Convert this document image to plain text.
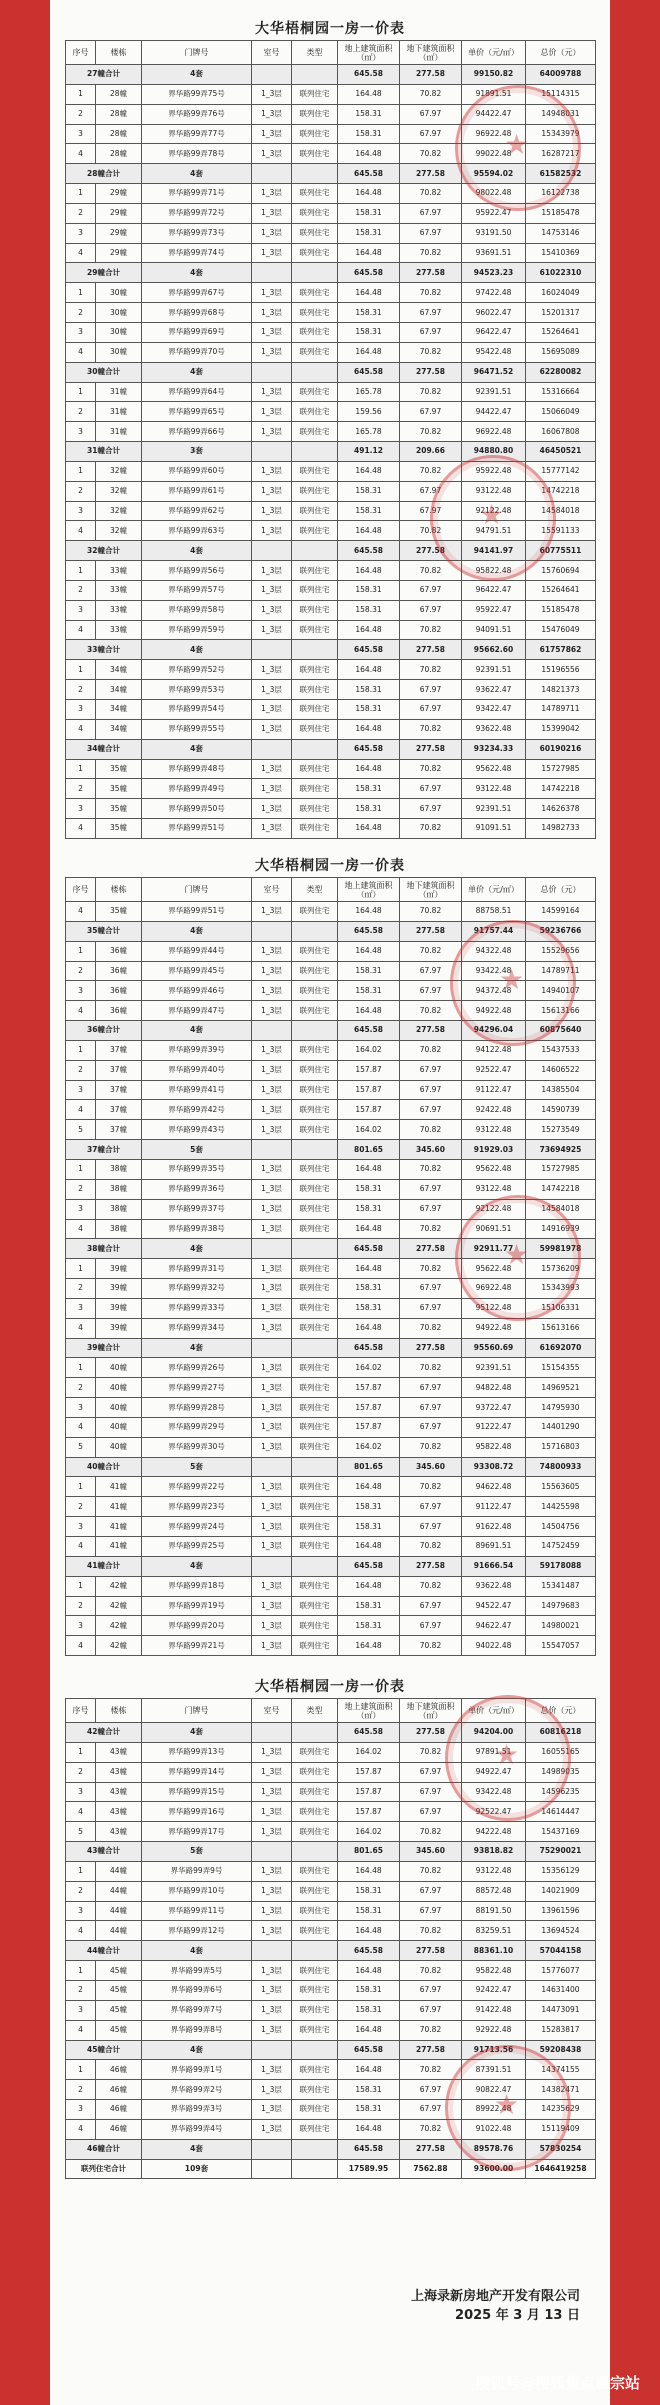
大华梧桐园一房一价表
序号	楼栋	门牌号	室号	类型	地上建筑面积（㎡）	地下建筑面积（㎡）	单价（元/㎡）	总价（元）
27幢合计		4套			645.58	277.58	99150.82	64009788
1	28幢	界华路99弄75号	1_3层	联列住宅	164.48	70.82	91891.51	15114315
2	28幢	界华路99弄76号	1_3层	联列住宅	158.31	67.97	94422.47	14948031
3	28幢	界华路99弄77号	1_3层	联列住宅	158.31	67.97	96922.48	15343979
4	28幢	界华路99弄78号	1_3层	联列住宅	164.48	70.82	99022.48	16287217
28幢合计		4套			645.58	277.58	95594.02	61582532
1	29幢	界华路99弄71号	1_3层	联列住宅	164.48	70.82	98022.48	16122738
2	29幢	界华路99弄72号	1_3层	联列住宅	158.31	67.97	95922.47	15185478
3	29幢	界华路99弄73号	1_3层	联列住宅	158.31	67.97	93191.50	14753146
4	29幢	界华路99弄74号	1_3层	联列住宅	164.48	70.82	93691.51	15410369
29幢合计		4套			645.58	277.58	94523.23	61022310
1	30幢	界华路99弄67号	1_3层	联列住宅	164.48	70.82	97422.48	16024049
2	30幢	界华路99弄68号	1_3层	联列住宅	158.31	67.97	96022.47	15201317
3	30幢	界华路99弄69号	1_3层	联列住宅	158.31	67.97	96422.47	15264641
4	30幢	界华路99弄70号	1_3层	联列住宅	164.48	70.82	95422.48	15695089
30幢合计		4套			645.58	277.58	96471.52	62280082
1	31幢	界华路99弄64号	1_3层	联列住宅	165.78	70.82	92391.51	15316664
2	31幢	界华路99弄65号	1_3层	联列住宅	159.56	67.97	94422.47	15066049
3	31幢	界华路99弄66号	1_3层	联列住宅	165.78	70.82	96922.48	16067808
31幢合计		3套			491.12	209.66	94880.80	46450521
1	32幢	界华路99弄60号	1_3层	联列住宅	164.48	70.82	95922.48	15777142
2	32幢	界华路99弄61号	1_3层	联列住宅	158.31	67.97	93122.48	14742218
3	32幢	界华路99弄62号	1_3层	联列住宅	158.31	67.97	92122.48	14584018
4	32幢	界华路99弄63号	1_3层	联列住宅	164.48	70.82	94791.51	15591133
32幢合计		4套			645.58	277.58	94141.97	60775511
1	33幢	界华路99弄56号	1_3层	联列住宅	164.48	70.82	95822.48	15760694
2	33幢	界华路99弄57号	1_3层	联列住宅	158.31	67.97	96422.47	15264641
3	33幢	界华路99弄58号	1_3层	联列住宅	158.31	67.97	95922.47	15185478
4	33幢	界华路99弄59号	1_3层	联列住宅	164.48	70.82	94091.51	15476049
33幢合计		4套			645.58	277.58	95662.60	61757862
1	34幢	界华路99弄52号	1_3层	联列住宅	164.48	70.82	92391.51	15196556
2	34幢	界华路99弄53号	1_3层	联列住宅	158.31	67.97	93622.47	14821373
3	34幢	界华路99弄54号	1_3层	联列住宅	158.31	67.97	93422.47	14789711
4	34幢	界华路99弄55号	1_3层	联列住宅	164.48	70.82	93622.48	15399042
34幢合计		4套			645.58	277.58	93234.33	60190216
1	35幢	界华路99弄48号	1_3层	联列住宅	164.48	70.82	95622.48	15727985
2	35幢	界华路99弄49号	1_3层	联列住宅	158.31	67.97	93122.48	14742218
3	35幢	界华路99弄50号	1_3层	联列住宅	158.31	67.97	92391.51	14626378
4	35幢	界华路99弄51号	1_3层	联列住宅	164.48	70.82	91091.51	14982733
大华梧桐园一房一价表
序号	楼栋	门牌号	室号	类型	地上建筑面积（㎡）	地下建筑面积（㎡）	单价（元/㎡）	总价（元）
4	35幢	界华路99弄51号	1_3层	联列住宅	164.48	70.82	88758.51	14599164
35幢合计		4套			645.58	277.58	91757.44	59236766
1	36幢	界华路99弄44号	1_3层	联列住宅	164.48	70.82	94322.48	15529656
2	36幢	界华路99弄45号	1_3层	联列住宅	158.31	67.97	93422.48	14789711
3	36幢	界华路99弄46号	1_3层	联列住宅	158.31	67.97	94372.48	14940107
4	36幢	界华路99弄47号	1_3层	联列住宅	164.48	70.82	94922.48	15613166
36幢合计		4套			645.58	277.58	94296.04	60875640
1	37幢	界华路99弄39号	1_3层	联列住宅	164.02	70.82	94122.48	15437533
2	37幢	界华路99弄40号	1_3层	联列住宅	157.87	67.97	92522.47	14606522
3	37幢	界华路99弄41号	1_3层	联列住宅	157.87	67.97	91122.47	14385504
4	37幢	界华路99弄42号	1_3层	联列住宅	157.87	67.97	92422.48	14590739
5	37幢	界华路99弄43号	1_3层	联列住宅	164.02	70.82	93122.48	15273549
37幢合计		5套			801.65	345.60	91929.03	73694925
1	38幢	界华路99弄35号	1_3层	联列住宅	164.48	70.82	95622.48	15727985
2	38幢	界华路99弄36号	1_3层	联列住宅	158.31	67.97	93122.48	14742218
3	38幢	界华路99弄37号	1_3层	联列住宅	158.31	67.97	92122.48	14584018
4	38幢	界华路99弄38号	1_3层	联列住宅	164.48	70.82	90691.51	14916939
38幢合计		4套			645.58	277.58	92911.77	59981978
1	39幢	界华路99弄31号	1_3层	联列住宅	164.48	70.82	95622.48	15736209
2	39幢	界华路99弄32号	1_3层	联列住宅	158.31	67.97	96922.48	15343993
3	39幢	界华路99弄33号	1_3层	联列住宅	158.31	67.97	95122.48	15106331
4	39幢	界华路99弄34号	1_3层	联列住宅	164.48	70.82	94922.48	15613166
39幢合计		4套			645.58	277.58	95560.69	61692070
1	40幢	界华路99弄26号	1_3层	联列住宅	164.02	70.82	92391.51	15154355
2	40幢	界华路99弄27号	1_3层	联列住宅	157.87	67.97	94822.48	14969521
3	40幢	界华路99弄28号	1_3层	联列住宅	157.87	67.97	93722.47	14795930
4	40幢	界华路99弄29号	1_3层	联列住宅	157.87	67.97	91222.47	14401290
5	40幢	界华路99弄30号	1_3层	联列住宅	164.02	70.82	95822.48	15716803
40幢合计		5套			801.65	345.60	93308.72	74800933
1	41幢	界华路99弄22号	1_3层	联列住宅	164.48	70.82	94622.48	15563605
2	41幢	界华路99弄23号	1_3层	联列住宅	158.31	67.97	91122.47	14425598
3	41幢	界华路99弄24号	1_3层	联列住宅	158.31	67.97	91622.48	14504756
4	41幢	界华路99弄25号	1_3层	联列住宅	164.48	70.82	89691.51	14752459
41幢合计		4套			645.58	277.58	91666.54	59178088
1	42幢	界华路99弄18号	1_3层	联列住宅	164.48	70.82	93622.48	15341487
2	42幢	界华路99弄19号	1_3层	联列住宅	158.31	67.97	94522.47	14979683
3	42幢	界华路99弄20号	1_3层	联列住宅	158.31	67.97	94622.47	14980021
4	42幢	界华路99弄21号	1_3层	联列住宅	164.48	70.82	94022.48	15547057
大华梧桐园一房一价表
序号	楼栋	门牌号	室号	类型	地上建筑面积（㎡）	地下建筑面积（㎡）	单价（元/㎡）	总价（元）
42幢合计		4套			645.58	277.58	94204.00	60816218
1	43幢	界华路99弄13号	1_3层	联列住宅	164.02	70.82	97891.51	16055165
2	43幢	界华路99弄14号	1_3层	联列住宅	157.87	67.97	94922.47	14989035
3	43幢	界华路99弄15号	1_3层	联列住宅	157.87	67.97	93422.48	14596235
4	43幢	界华路99弄16号	1_3层	联列住宅	157.87	67.97	92522.47	14614447
5	43幢	界华路99弄17号	1_3层	联列住宅	164.02	70.82	94222.48	15437169
43幢合计		5套			801.65	345.60	93818.82	75290021
1	44幢	界华路99弄9号	1_3层	联列住宅	164.48	70.82	93122.48	15356129
2	44幢	界华路99弄10号	1_3层	联列住宅	158.31	67.97	88572.48	14021909
3	44幢	界华路99弄11号	1_3层	联列住宅	158.31	67.97	88191.50	13961596
4	44幢	界华路99弄12号	1_3层	联列住宅	164.48	70.82	83259.51	13694524
44幢合计		4套			645.58	277.58	88361.10	57044158
1	45幢	界华路99弄5号	1_3层	联列住宅	164.48	70.82	95822.48	15776077
2	45幢	界华路99弄6号	1_3层	联列住宅	158.31	67.97	92422.47	14631400
3	45幢	界华路99弄7号	1_3层	联列住宅	158.31	67.97	91422.48	14473091
4	45幢	界华路99弄8号	1_3层	联列住宅	164.48	70.82	92922.48	15283817
45幢合计		4套			645.58	277.58	91713.56	59208438
1	46幢	界华路99弄1号	1_3层	联列住宅	164.48	70.82	87391.51	14374155
2	46幢	界华路99弄2号	1_3层	联列住宅	158.31	67.97	90822.47	14382471
3	46幢	界华路99弄3号	1_3层	联列住宅	158.31	67.97	89922.48	14235629
4	46幢	界华路99弄4号	1_3层	联列住宅	164.48	70.82	91022.48	15119409
46幢合计		4套			645.58	277.58	89578.76	57830254
联列住宅合计		109套			17589.95	7562.88	93600.00	1646419258
上海录新房地产开发有限公司
2025 年 3 月 13 日
★
★
★
★
★
★
搜狐号@搜狐焦点鹿宗站
